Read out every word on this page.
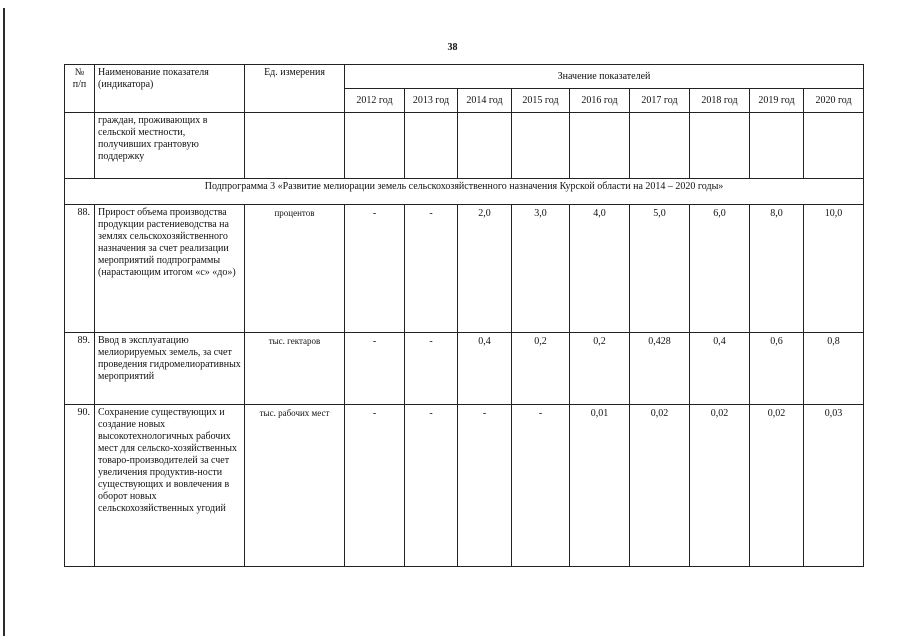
38
№
п/п	Наименование показателя (индикатора)	Ед. измерения	Значение показателей								
			2012 год	2013 год	2014 год	2015 год	2016 год	2017 год	2018 год	2019 год	2020 год
	граждан, проживающих в сельской местности, получивших грантовую поддержку										
Подпрограмма 3 «Развитие мелиорации земель сельскохозяйственного назначения Курской области на 2014 – 2020 годы»											
88.	Прирост объема производства продукции растениеводства на землях сельскохозяйственного назначения за счет реализации мероприятий подпрограммы (нарастающим итогом «с» «до»)	процентов	-	-	2,0	3,0	4,0	5,0	6,0	8,0	10,0
89.	Ввод в эксплуатацию мелиорируемых земель, за счет проведения гидромелиоративных мероприятий	тыс. гектаров	-	-	0,4	0,2	0,2	0,428	0,4	0,6	0,8
90.	Сохранение существующих и создание новых высокотехнологичных рабочих мест для сельско-хозяйственных товаро-производителей за счет увеличения продуктив-ности существующих и вовлечения в оборот новых сельскохозяйственных угодий	тыс. рабочих мест	-	-	-	-	0,01	0,02	0,02	0,02	0,03
